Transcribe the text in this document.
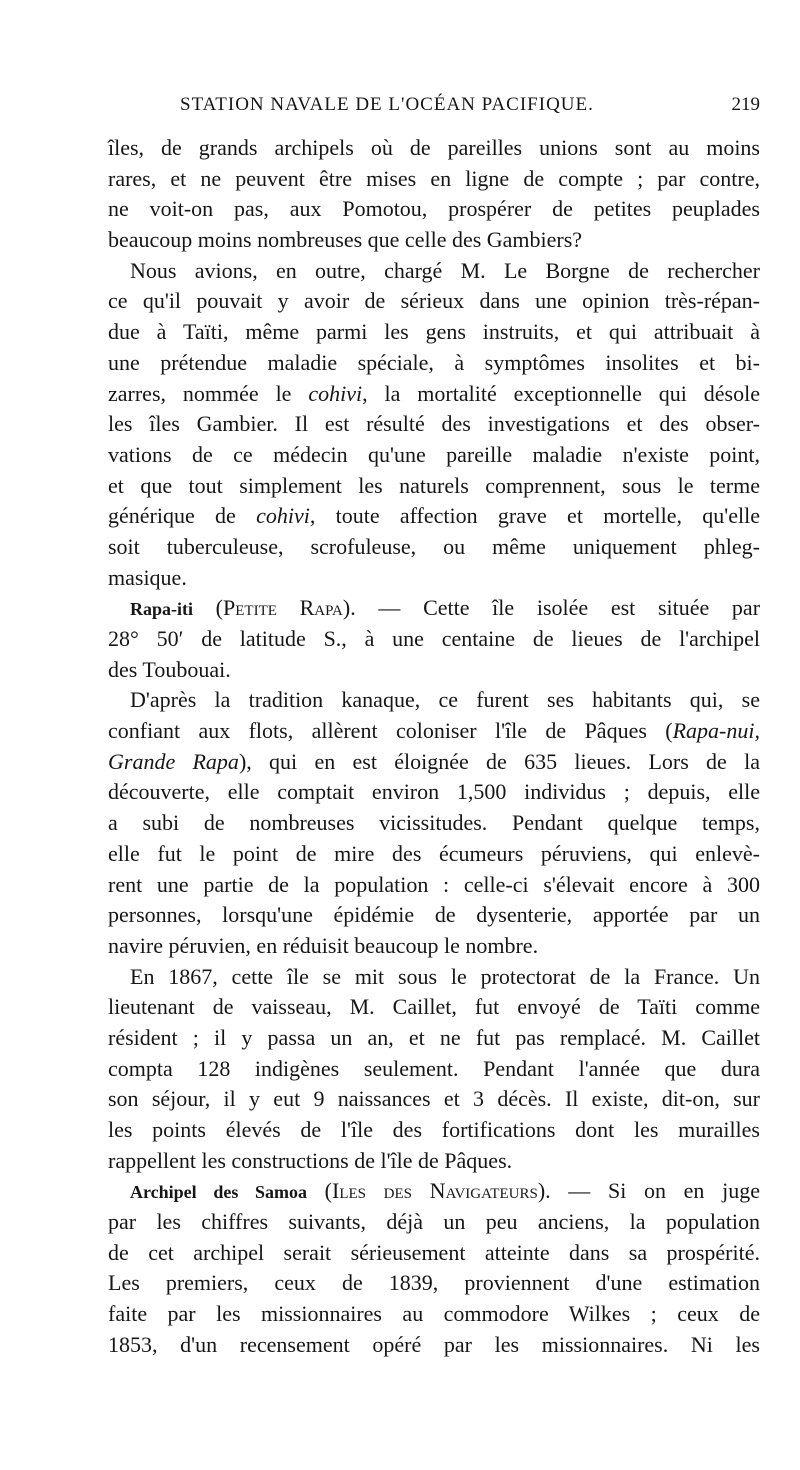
STATION NAVALE DE L'OCÉAN PACIFIQUE.	219
îles, de grands archipels où de pareilles unions sont au moins
rares, et ne peuvent être mises en ligne de compte ; par contre,
ne voit-on pas, aux Pomotou, prospérer de petites peuplades
beaucoup moins nombreuses que celle des Gambiers?
Nous avions, en outre, chargé M. Le Borgne de rechercher
ce qu'il pouvait y avoir de sérieux dans une opinion très-répan-
due à Taïti, même parmi les gens instruits, et qui attribuait à
une prétendue maladie spéciale, à symptômes insolites et bi-
zarres, nommée le cohivi, la mortalité exceptionnelle qui désole
les îles Gambier. Il est résulté des investigations et des obser-
vations de ce médecin qu'une pareille maladie n'existe point,
et que tout simplement les naturels comprennent, sous le terme
générique de cohivi, toute affection grave et mortelle, qu'elle
soit tuberculeuse, scrofuleuse, ou même uniquement phleg-
masique.
Rapa-iti (Petite Rapa). — Cette île isolée est située par
28° 50′ de latitude S., à une centaine de lieues de l'archipel
des Toubouai.
D'après la tradition kanaque, ce furent ses habitants qui, se
confiant aux flots, allèrent coloniser l'île de Pâques (Rapa-nui,
Grande Rapa), qui en est éloignée de 635 lieues. Lors de la
découverte, elle comptait environ 1,500 individus ; depuis, elle
a subi de nombreuses vicissitudes. Pendant quelque temps,
elle fut le point de mire des écumeurs péruviens, qui enlevè-
rent une partie de la population : celle-ci s'élevait encore à 300
personnes, lorsqu'une épidémie de dysenterie, apportée par un
navire péruvien, en réduisit beaucoup le nombre.
En 1867, cette île se mit sous le protectorat de la France. Un
lieutenant de vaisseau, M. Caillet, fut envoyé de Taïti comme
résident ; il y passa un an, et ne fut pas remplacé. M. Caillet
compta 128 indigènes seulement. Pendant l'année que dura
son séjour, il y eut 9 naissances et 3 décès. Il existe, dit-on, sur
les points élevés de l'île des fortifications dont les murailles
rappellent les constructions de l'île de Pâques.
Archipel des Samoa (Iles des Navigateurs). — Si on en juge
par les chiffres suivants, déjà un peu anciens, la population
de cet archipel serait sérieusement atteinte dans sa prospérité.
Les premiers, ceux de 1839, proviennent d'une estimation
faite par les missionnaires au commodore Wilkes ; ceux de
1853, d'un recensement opéré par les missionnaires. Ni les
